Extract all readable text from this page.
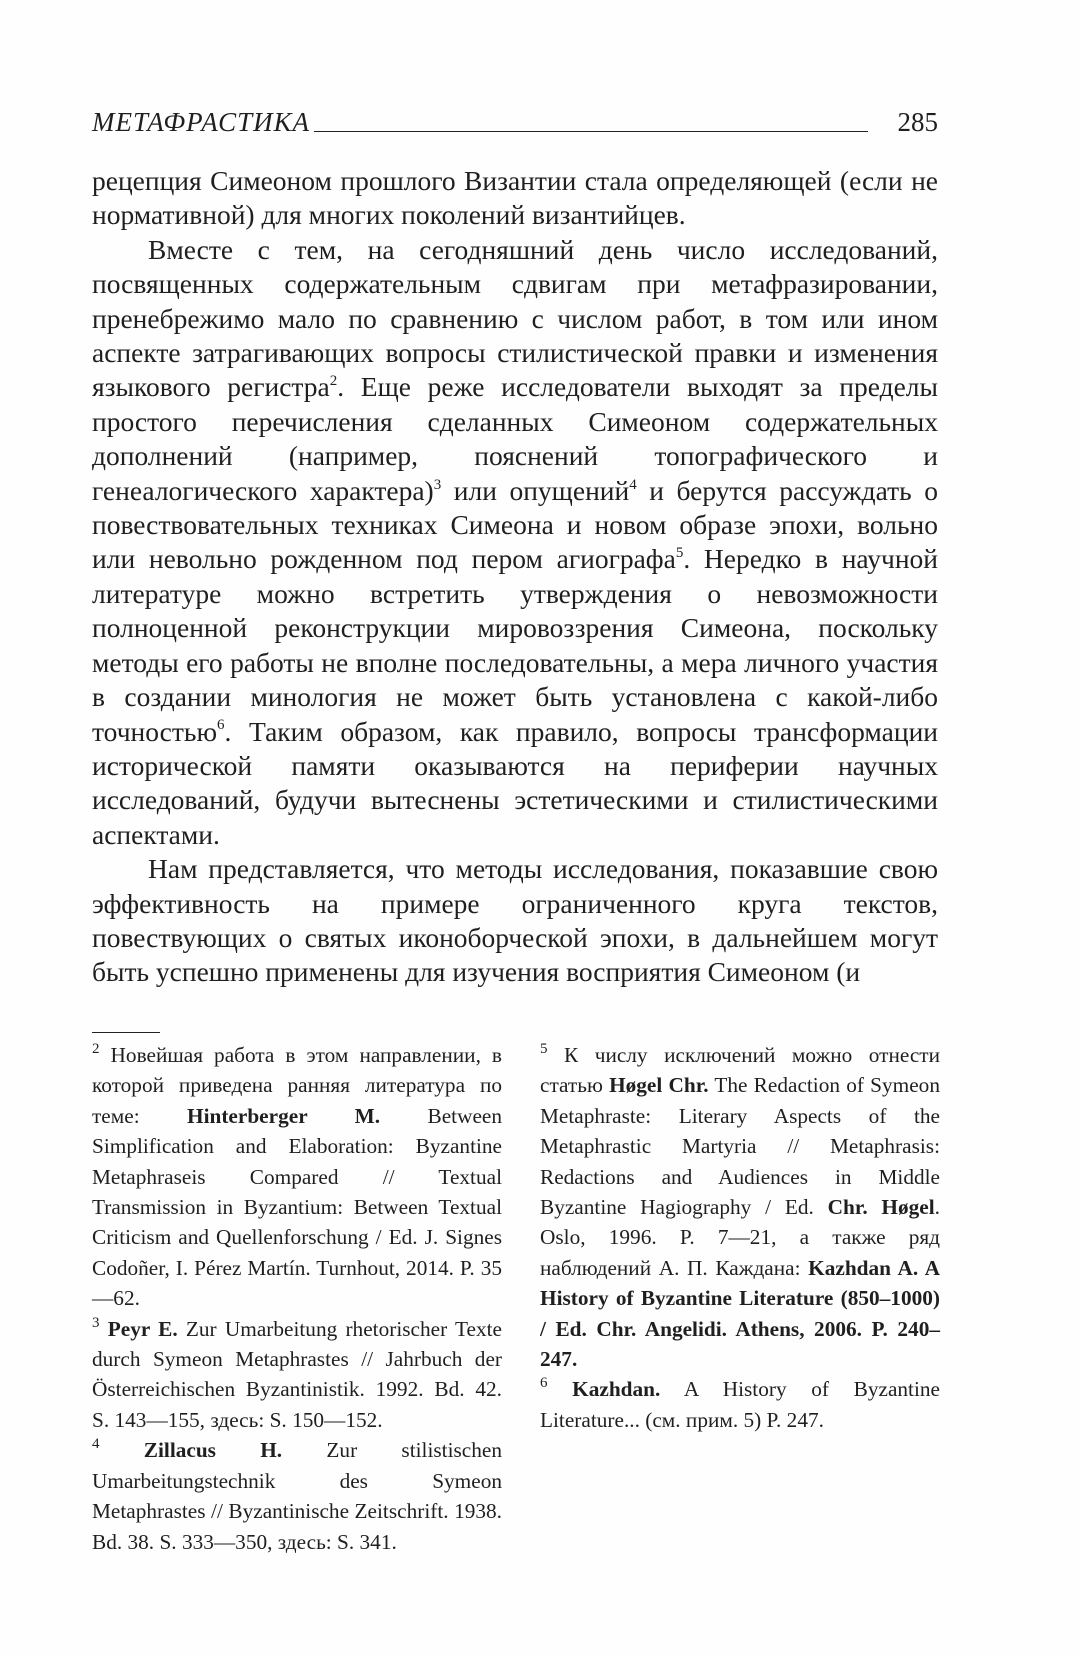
МЕТАФРАСТИКА	285

рецепция Симеоном прошлого Византии стала определяющей (если не нормативной) для многих поколений византийцев.

Вместе с тем, на сегодняшний день число исследований, посвященных содержательным сдвигам при метафразировании, пренебрежимо мало по сравнению с числом работ, в том или ином аспекте затрагивающих вопросы стилистической правки и изменения языкового регистра$^2$. Еще реже исследователи выходят за пределы простого перечисления сделанных Симеоном содержательных дополнений (например, пояснений топографического и генеалогического характера)$^3$ или опущений$^4$ и берутся рассуждать о повествовательных техниках Симеона и новом образе эпохи, вольно или невольно рожденном под пером агиографа$^5$. Нередко в научной литературе можно встретить утверждения о невозможности полноценной реконструкции мировоззрения Симеона, поскольку методы его работы не вполне последовательны, а мера личного участия в создании минология не может быть установлена с какой-либо точностью$^6$. Таким образом, как правило, вопросы трансформации исторической памяти оказываются на периферии научных исследований, будучи вытеснены эстетическими и стилистическими аспектами.

Нам представляется, что методы исследования, показавшие свою эффективность на примере ограниченного круга текстов, повествующих о святых иконоборческой эпохи, в дальнейшем могут быть успешно применены для изучения восприятия Симеоном (и

$^2$ Новейшая работа в этом направлении, в которой приведена ранняя литература по теме: Hinterberger M. Between Simplification and Elaboration: Byzantine Metaphraseis Compared // Textual Transmission in Byzantium: Between Textual Criticism and Quellenforschung / Ed. J. Signes Codoñer, I. Pérez Martín. Turnhout, 2014. P. 35—62.

$^3$ Peyr E. Zur Umarbeitung rhetorischer Texte durch Symeon Metaphrastes // Jahrbuch der Österreichischen Byzantinistik. 1992. Bd. 42. S. 143—155, здесь: S. 150—152.

$^4$ Zillacus H. Zur stilistischen Umarbeitungstechnik des Symeon Metaphrastes // Byzantinische Zeitschrift. 1938. Bd. 38. S. 333—350, здесь: S. 341.

$^5$ К числу исключений можно отнести статью Høgel Chr. The Redaction of Symeon Metaphraste: Literary Aspects of the Metaphrastic Martyria // Metaphrasis: Redactions and Audiences in Middle Byzantine Hagiography / Ed. Chr. Høgel. Oslo, 1996. P. 7—21, а также ряд наблюдений А. П. Каждана: Kazhdan A. A History of Byzantine Literature (850–1000) / Ed. Chr. Angelidi. Athens, 2006. P. 240–247.

$^6$ Kazhdan. A History of Byzantine Literature... (см. прим. 5) P. 247.
